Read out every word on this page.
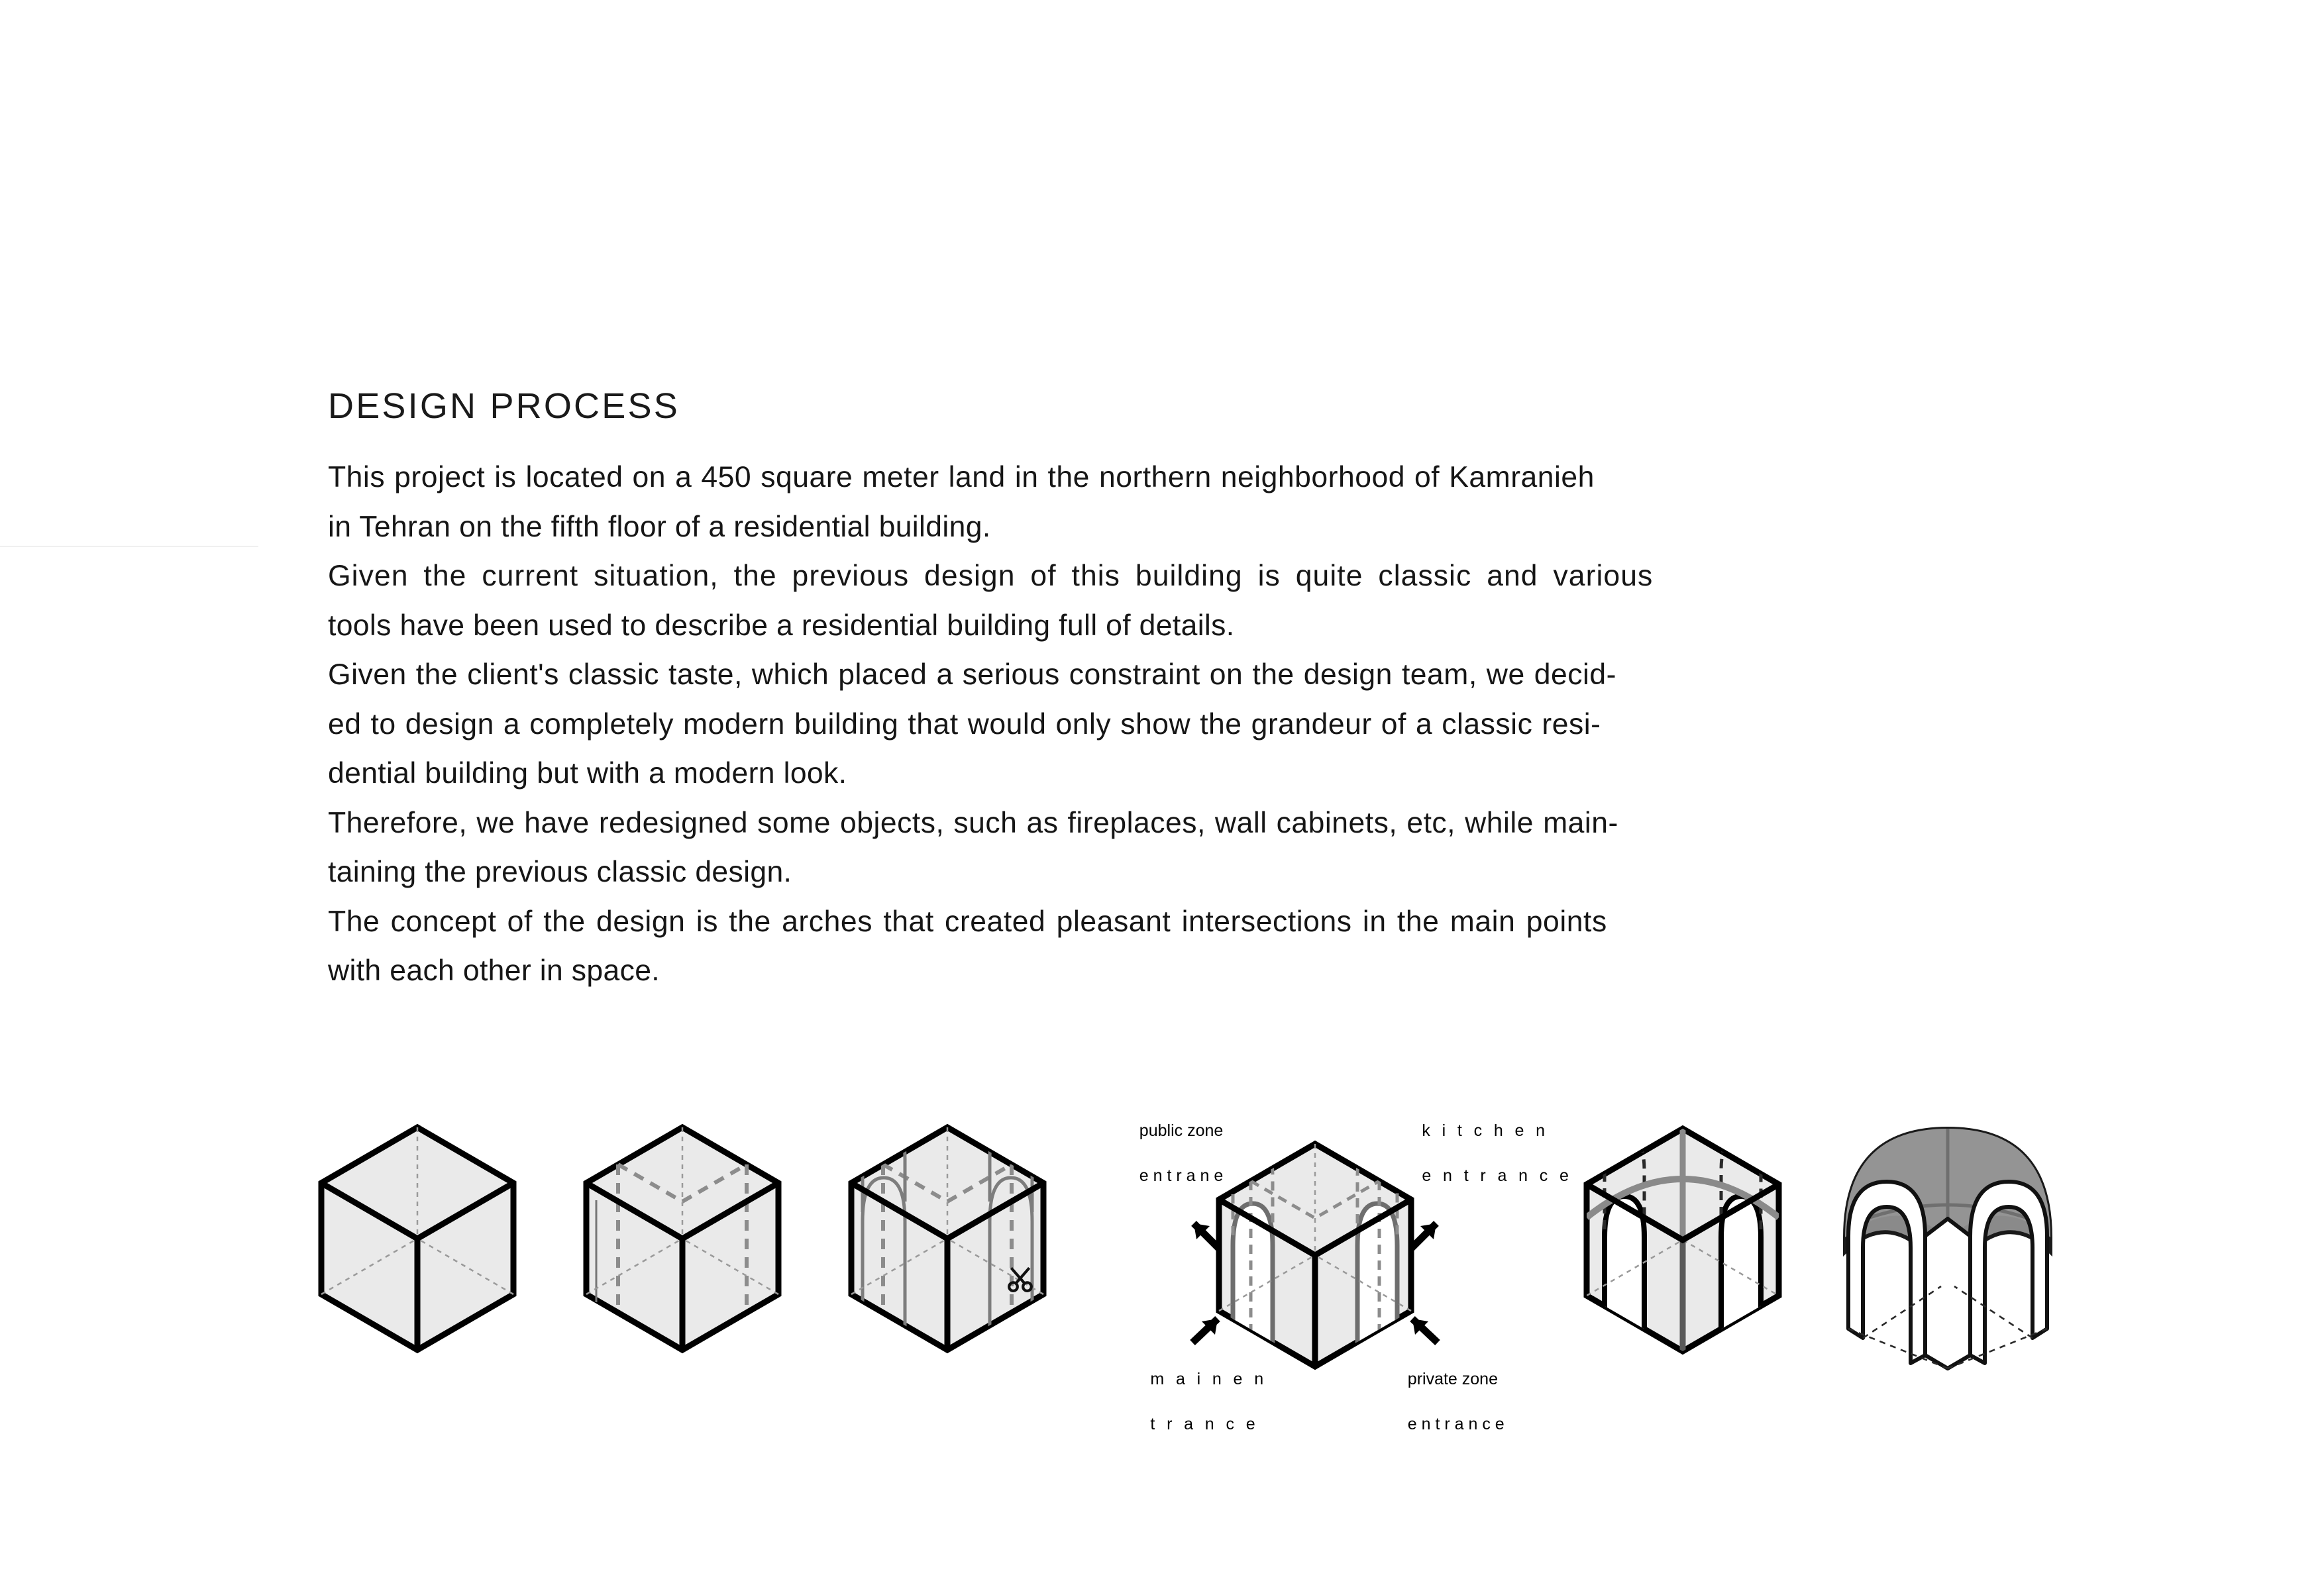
DESIGN PROCESS

This project is located on a 450 square meter land in the northern neighborhood of Kamranieh
in Tehran on the fifth floor of a residential building.

Given the current situation, the previous design of this building is quite classic and various
tools have been used to describe a residential building full of details.

Given the client's classic taste, which placed a serious constraint on the design team, we decid-
ed to design a completely modern building that would only show the grandeur of a classic resi-
dential building but with a modern look.

Therefore, we have redesigned some objects, such as fireplaces, wall cabinets, etc, while main-
taining the previous classic design.

The concept of the design is the arches that created pleasant intersections in the main points
with each other in space.

public zone

e n t r a n e

k i t c h e n

e n t r a n c e

m a i n e n

t r a n c e

private zone

e n t r a n c e
